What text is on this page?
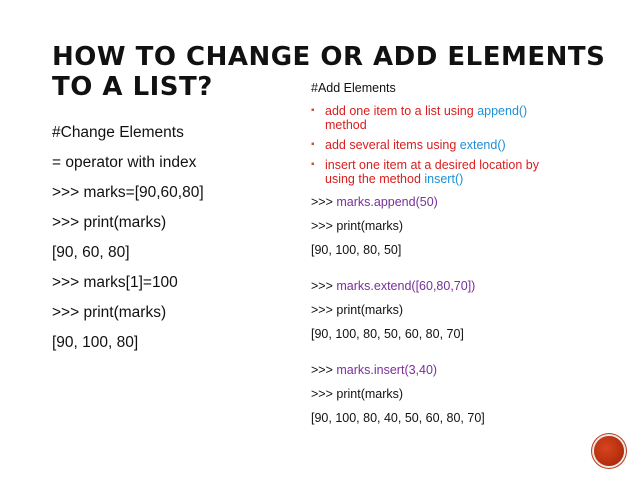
HOW TO CHANGE OR ADD ELEMENTS
TO A LIST?
#Change Elements
= operator with index
>>> marks=[90,60,80]
>>> print(marks)
[90, 60, 80]
>>> marks[1]=100
>>> print(marks)
[90, 100, 80]
#Add Elements
▪ add one item to a list using append()
method
▪ add several items using extend()
▪ insert one item at a desired location by
using the method insert()
>>> marks.append(50)
>>> print(marks)
[90, 100, 80, 50]
>>> marks.extend([60,80,70])
>>> print(marks)
[90, 100, 80, 50, 60, 80, 70]
>>> marks.insert(3,40)
>>> print(marks)
[90, 100, 80, 40, 50, 60, 80, 70]
